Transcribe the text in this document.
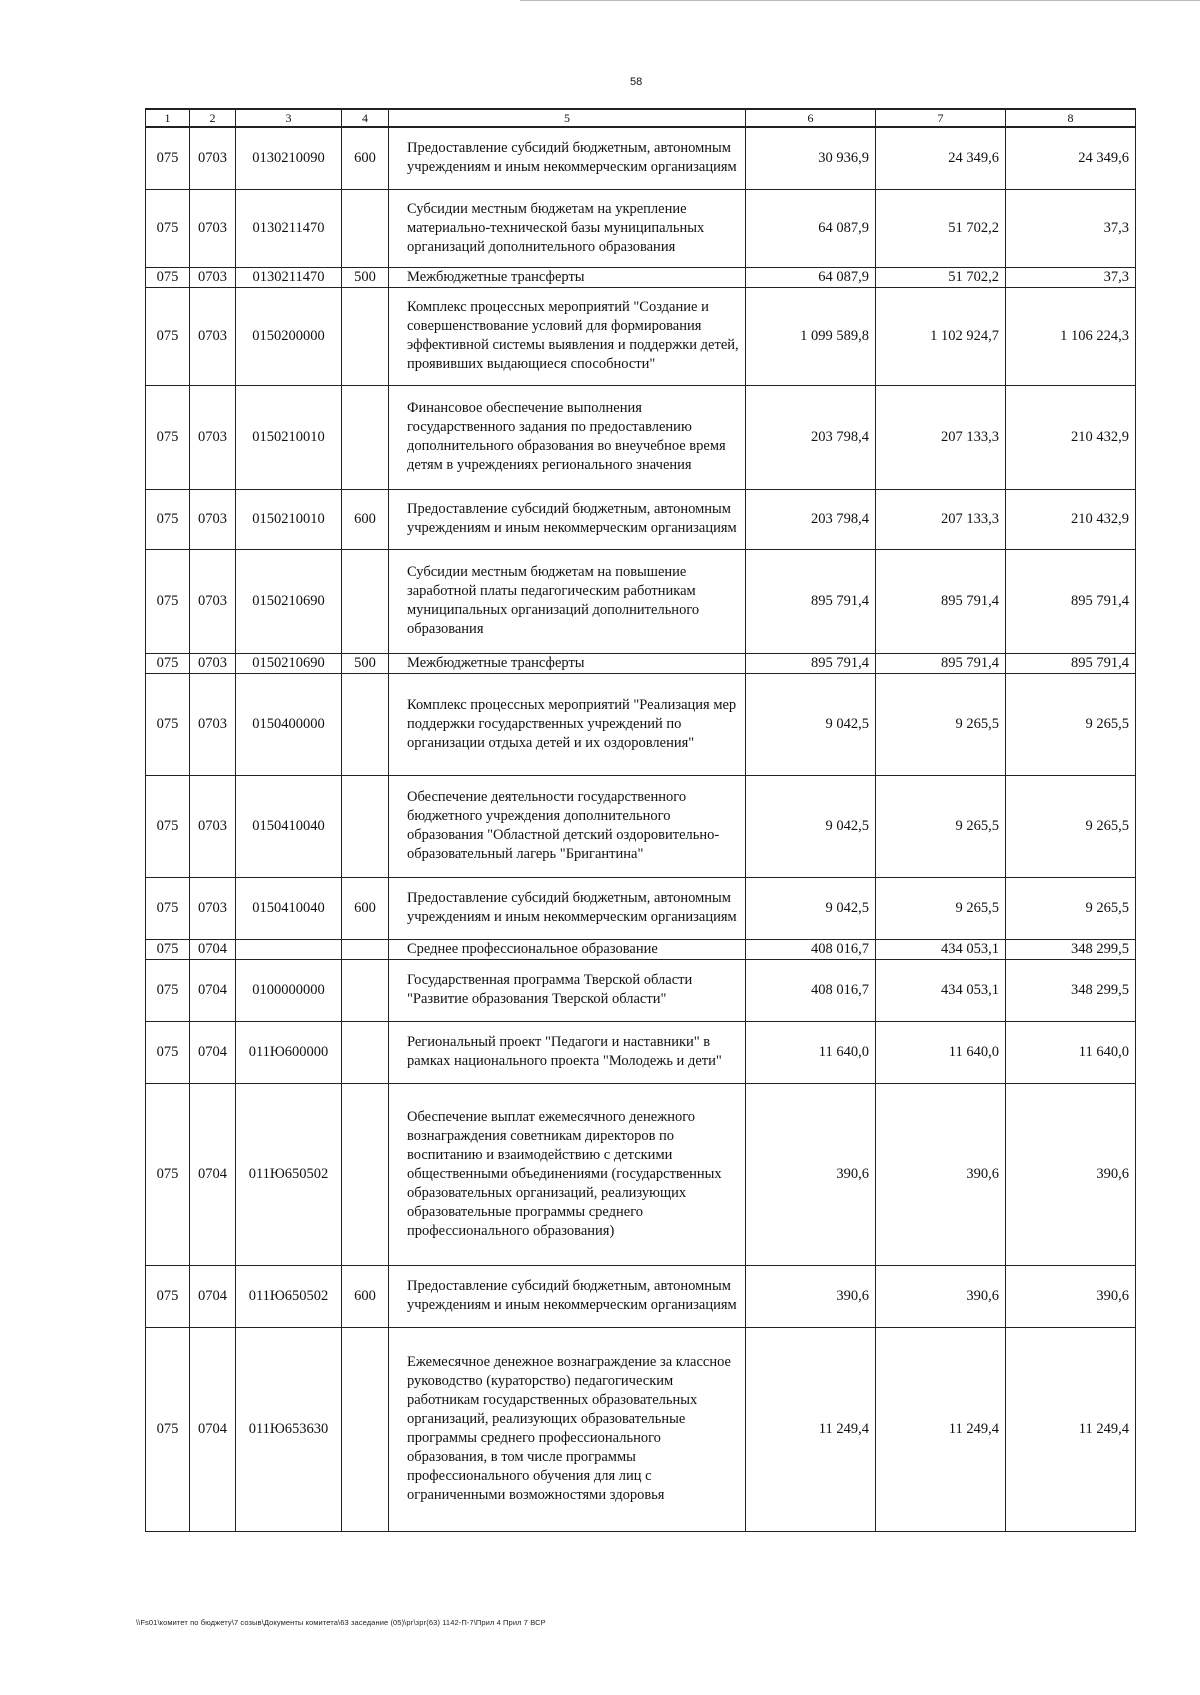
58
1	2	3	4	5	6	7	8
075	0703	0130210090	600	Предоставление субсидий бюджетным, автономным учреждениям и иным некоммерческим организациям	30 936,9	24 349,6	24 349,6
075	0703	0130211470		Субсидии местным бюджетам на укрепление материально-технической базы муниципальных организаций дополнительного образования	64 087,9	51 702,2	37,3
075	0703	0130211470	500	Межбюджетные трансферты	64 087,9	51 702,2	37,3
075	0703	0150200000		Комплекс процессных мероприятий "Создание и совершенствование условий для формирования эффективной системы выявления и поддержки детей, проявивших выдающиеся способности"	1 099 589,8	1 102 924,7	1 106 224,3
075	0703	0150210010		Финансовое обеспечение выполнения государственного задания по предоставлению дополнительного образования во внеучебное время детям в учреждениях регионального значения	203 798,4	207 133,3	210 432,9
075	0703	0150210010	600	Предоставление субсидий бюджетным, автономным учреждениям и иным некоммерческим организациям	203 798,4	207 133,3	210 432,9
075	0703	0150210690		Субсидии местным бюджетам на повышение заработной платы педагогическим работникам муниципальных организаций дополнительного образования	895 791,4	895 791,4	895 791,4
075	0703	0150210690	500	Межбюджетные трансферты	895 791,4	895 791,4	895 791,4
075	0703	0150400000		Комплекс процессных мероприятий "Реализация мер поддержки государственных учреждений по организации отдыха детей и их оздоровления"	9 042,5	9 265,5	9 265,5
075	0703	0150410040		Обеспечение деятельности государственного бюджетного учреждения дополнительного образования "Областной детский оздоровительно-образовательный лагерь "Бригантина"	9 042,5	9 265,5	9 265,5
075	0703	0150410040	600	Предоставление субсидий бюджетным, автономным учреждениям и иным некоммерческим организациям	9 042,5	9 265,5	9 265,5
075	0704			Среднее профессиональное образование	408 016,7	434 053,1	348 299,5
075	0704	0100000000		Государственная программа Тверской области "Развитие образования Тверской области"	408 016,7	434 053,1	348 299,5
075	0704	011Ю600000		Региональный проект "Педагоги и наставники" в рамках национального проекта "Молодежь и дети"	11 640,0	11 640,0	11 640,0
075	0704	011Ю650502		Обеспечение выплат ежемесячного денежного вознаграждения советникам директоров по воспитанию и взаимодействию с детскими общественными объединениями (государственных образовательных организаций, реализующих образовательные программы среднего профессионального образования)	390,6	390,6	390,6
075	0704	011Ю650502	600	Предоставление субсидий бюджетным, автономным учреждениям и иным некоммерческим организациям	390,6	390,6	390,6
075	0704	011Ю653630		Ежемесячное денежное вознаграждение за классное руководство (кураторство) педагогическим работникам государственных образовательных организаций, реализующих образовательные программы среднего профессионального образования, в том числе программы профессионального обучения для лиц с ограниченными возможностями здоровья	11 249,4	11 249,4	11 249,4
\\Fs01\комитет по бюджету\7 созыв\Документы комитета\63 заседание (05)\рг\зрг(63) 1142-П-7\Прил 4 Прил 7 ВСР
